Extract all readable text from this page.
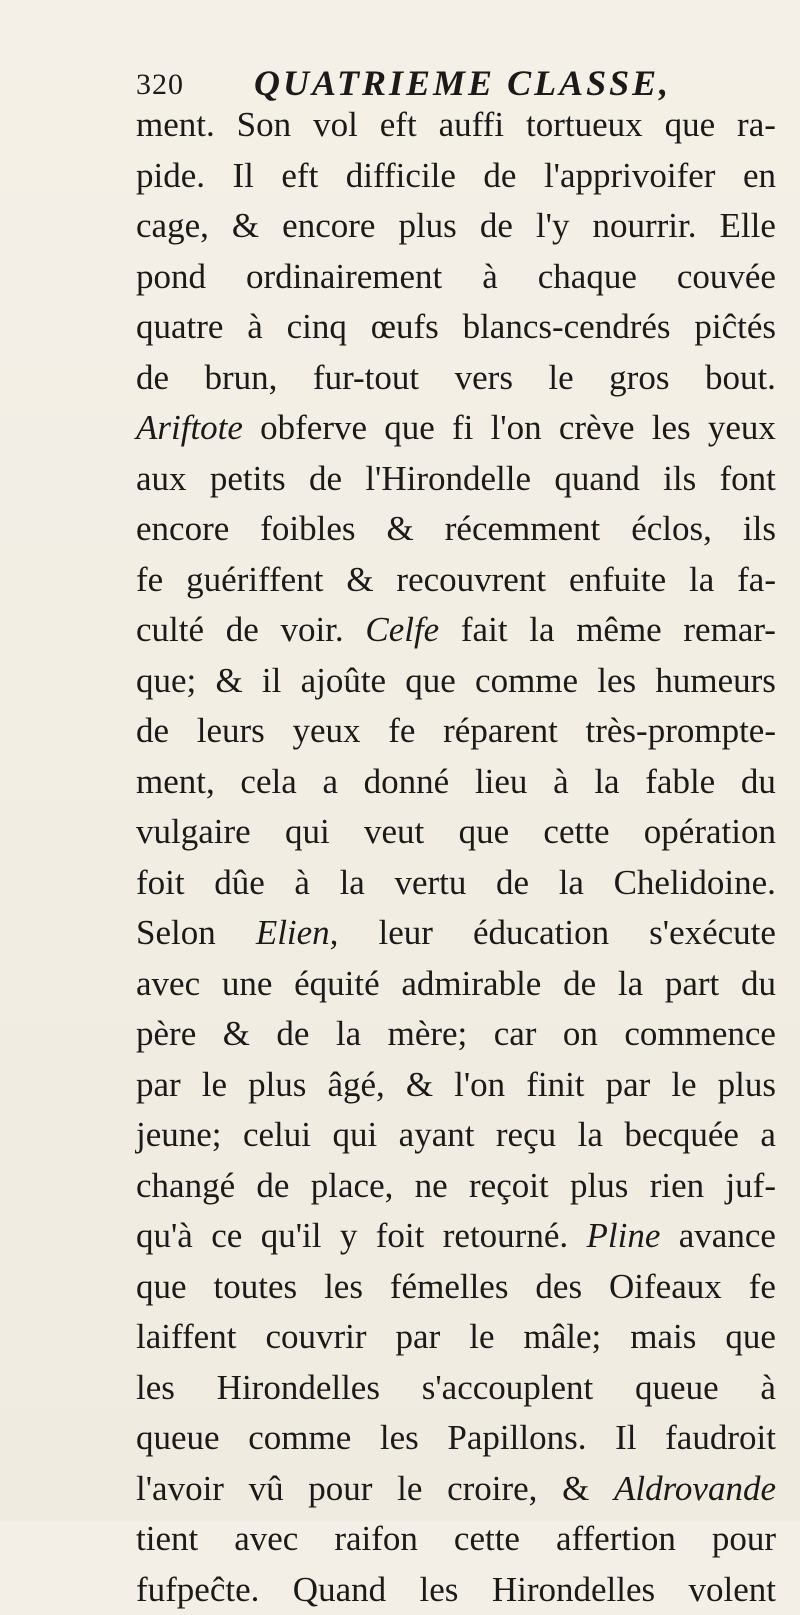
320 QUATRIEME CLASSE,
ment. Son vol eft auffi tortueux que ra-
pide. Il eft difficile de l'apprivoifer en
cage, & encore plus de l'y nourrir. Elle
pond ordinairement à chaque couvée
quatre à cinq œufs blancs-cendrés piĉtés
de brun, fur-tout vers le gros bout.
Ariftote obferve que fi l'on crève les yeux
aux petits de l'Hirondelle quand ils font
encore foibles & récemment éclos, ils
fe guériffent & recouvrent enfuite la fa-
culté de voir. Celfe fait la même remar-
que; & il ajoûte que comme les humeurs
de leurs yeux fe réparent très-prompte-
ment, cela a donné lieu à la fable du
vulgaire qui veut que cette opération
foit dûe à la vertu de la Chelidoine.
Selon Elien, leur éducation s'exécute
avec une équité admirable de la part du
père & de la mère; car on commence
par le plus âgé, & l'on finit par le plus
jeune; celui qui ayant reçu la becquée a
changé de place, ne reçoit plus rien juf-
qu'à ce qu'il y foit retourné. Pline avance
que toutes les fémelles des Oifeaux fe
laiffent couvrir par le mâle; mais que
les Hirondelles s'accouplent queue à
queue comme les Papillons. Il faudroit
l'avoir vû pour le croire, & Aldrovande
tient avec raifon cette affertion pour
fufpeĉte. Quand les Hirondelles volent
